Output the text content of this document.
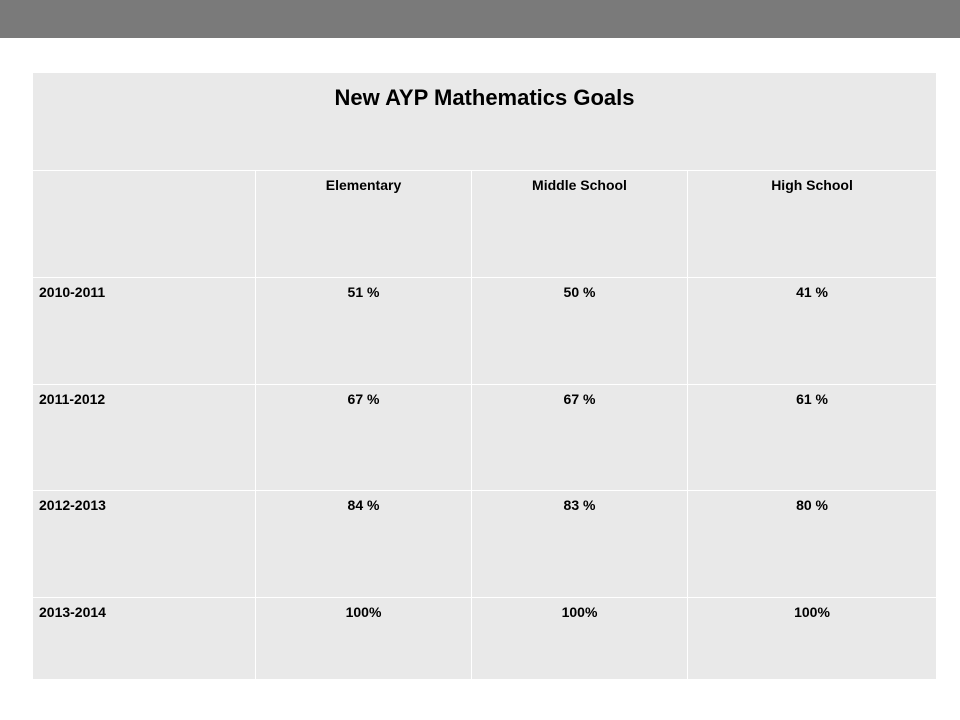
New AYP Mathematics Goals			
	Elementary	Middle School	High School
2010-2011	51 %	50 %	41 %
2011-2012	67 %	67 %	61 %
2012-2013	84 %	83 %	80 %
2013-2014	100%	100%	100%
